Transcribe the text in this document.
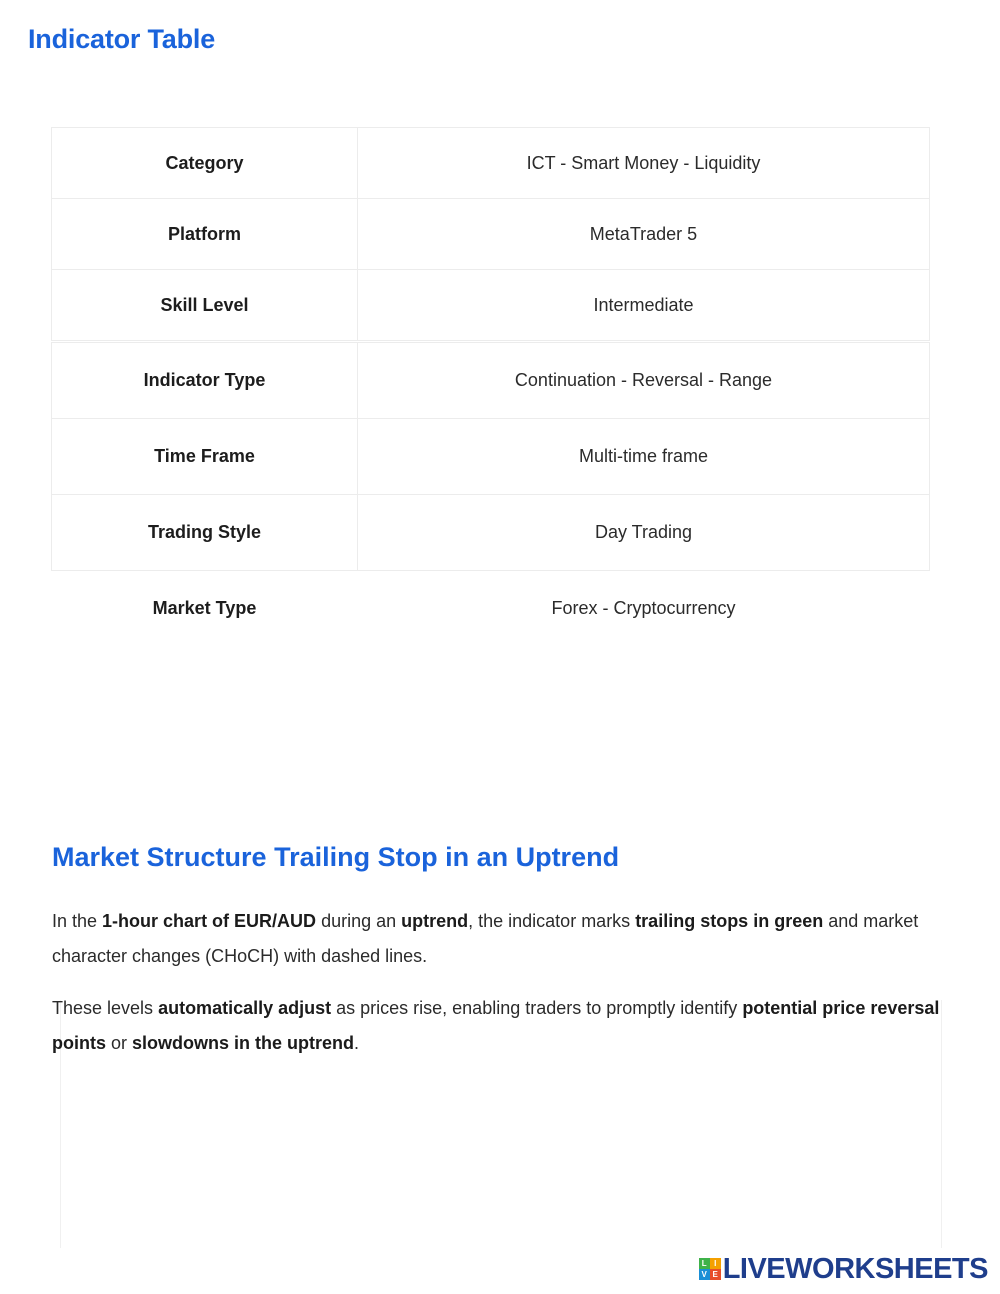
Indicator Table
Category	ICT - Smart Money - Liquidity
Platform	MetaTrader 5
Skill Level	Intermediate
Indicator Type	Continuation - Reversal - Range
Time Frame	Multi-time frame
Trading Style	Day Trading
Market Type	Forex - Cryptocurrency
Market Structure Trailing Stop in an Uptrend

In the 1-hour chart of EUR/AUD during an uptrend, the indicator marks trailing stops in green and market character changes (CHoCH) with dashed lines.

These levels automatically adjust as prices rise, enabling traders to promptly identify potential price reversal points or slowdowns in the uptrend.

L I
V E LIVEWORKSHEETS
